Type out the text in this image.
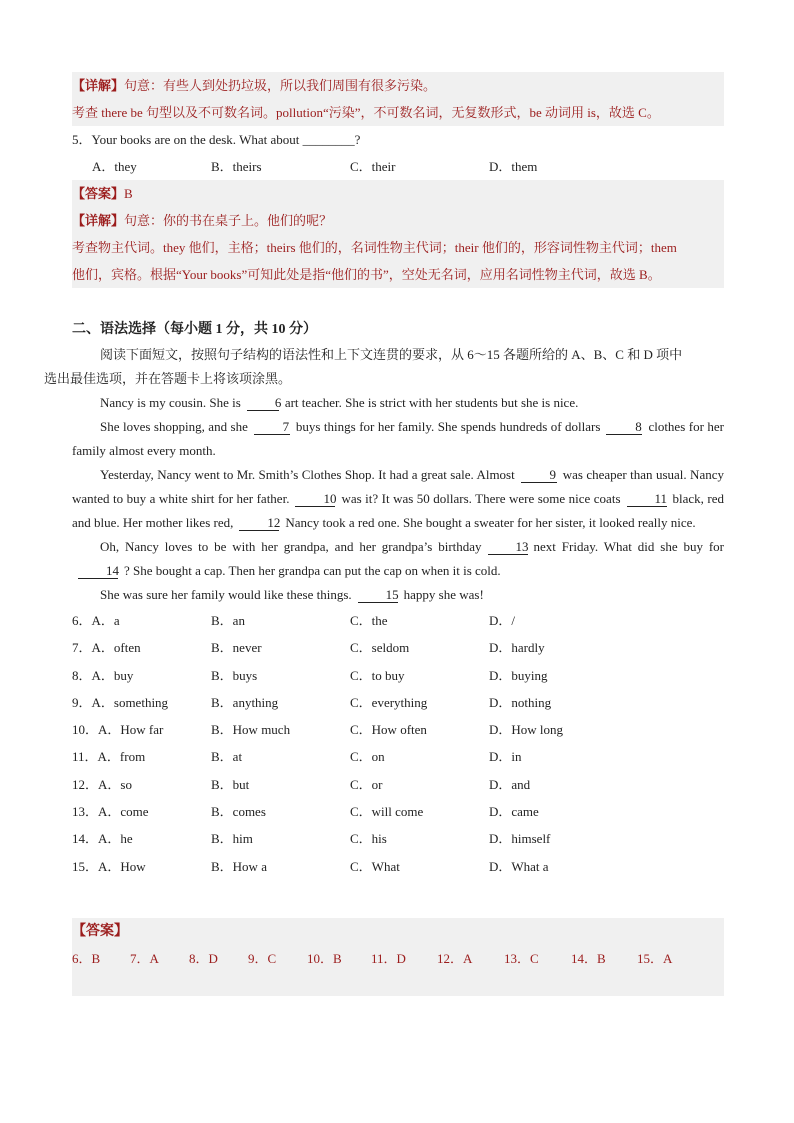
【详解】句意：有些人到处扔垃圾，所以我们周围有很多污染。
考查 there be 句型以及不可数名词。pollution“污染”，不可数名词，无复数形式，be 动词用 is，故选 C。
5．Your books are on the desk. What about ________?
A．they	B．theirs	C．their	D．them
【答案】B
【详解】句意：你的书在桌子上。他们的呢？
考查物主代词。they 他们，主格；theirs 他们的，名词性物主代词；their 他们的，形容词性物主代词；them
他们，宾格。根据“Your books”可知此处是指“他们的书”，空处无名词，应用名词性物主代词，故选 B。
二、语法选择（每小题 1 分，共 10 分）
阅读下面短文，按照句子结构的语法性和上下文连贯的要求，从 6～15 各题所给的 A、B、C 和 D 项中
选出最佳选项，并在答题卡上将该项涂黑。
Nancy is my cousin. She is	6 art teacher. She is strict with her students but she is nice.
She loves shopping, and she	7 buys things for her family. She spends hundreds of dollars	8 clothes for her family almost every month.
Yesterday, Nancy went to Mr. Smith’s Clothes Shop. It had a great sale. Almost	9 was cheaper than usual. Nancy wanted to buy a white shirt for her father.	10 was it? It was 50 dollars. There were some nice coats	11 black, red and blue. Her mother likes red,	12 Nancy took a red one. She bought a sweater for her sister, it looked really nice.
Oh, Nancy loves to be with her grandpa, and her grandpa’s birthday	13 next Friday. What did she buy for14 ? She bought a cap. Then her grandpa can put the cap on when it is cold.
She was sure her family would like these things.	15 happy she was!
6．A．a	B．an	C．the	D．/
7．A．often	B．never	C．seldom	D．hardly
8．A．buy	B．buys	C．to buy	D．buying
9．A．something	B．anything	C．everything	D．nothing
10．A．How far	B．How much	C．How often	D．How long
11．A．from	B．at	C．on	D．in
12．A．so	B．but	C．or	D．and
13．A．come	B．comes	C．will come	D．came
14．A．he	B．him	C．his	D．himself
15．A．How	B．How a	C．What	D．What a
【答案】
6．B	7．A	8．D	9．C	10．B	11．D	12．A	13．C	14．B	15．A
